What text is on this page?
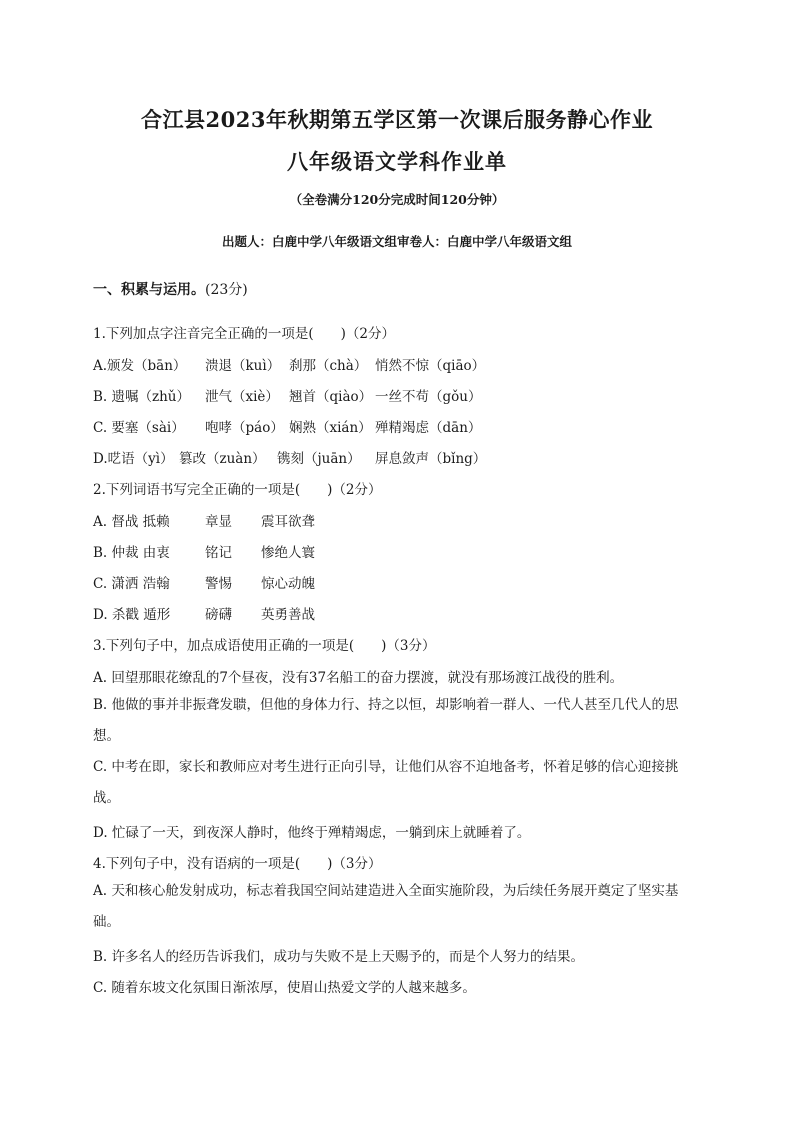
合江县2023年秋期第五学区第一次课后服务静心作业
八年级语文学科作业单
（全卷满分120分完成时间120分钟）
出题人：白鹿中学八年级语文组审卷人：白鹿中学八年级语文组
一、积累与运用。(23分)
1.下列加点字注音完全正确的一项是(　　)（2分）
A.颁发（bān） 溃退（kuì） 刹那（chà） 悄然不惊（qiāo）
B. 遗嘱（zhǔ） 泄气（xiè） 翘首（qiào） 一丝不苟（gǒu）
C. 要塞（sài） 咆哮（páo） 娴熟（xián） 殚精竭虑（dān）
D.呓语（yì） 篡改（zuàn） 镌刻（juān） 屏息敛声（bǐng）
2.下列词语书写完全正确的一项是(　　)（2分）
A. 督战 抵赖	章显 震耳欲聋
B. 仲裁 由衷	铭记 惨绝人寰
C. 潇洒 浩翰	警惕 惊心动魄
D. 杀戳 遁形	磅礴 英勇善战
3.下列句子中，加点成语使用正确的一项是(　　)（3分）
A. 回望那眼花缭乱的7个昼夜，没有37名船工的奋力摆渡，就没有那场渡江战役的胜利。
B. 他做的事并非振聋发聩，但他的身体力行、持之以恒，却影响着一群人、一代人甚至几代人的思想。
C. 中考在即，家长和教师应对考生进行正向引导，让他们从容不迫地备考，怀着足够的信心迎接挑战。
D. 忙碌了一天，到夜深人静时，他终于殚精竭虑，一躺到床上就睡着了。
4.下列句子中，没有语病的一项是(　　)（3分）
A. 天和核心舱发射成功，标志着我国空间站建造进入全面实施阶段，为后续任务展开奠定了坚实基础。
B. 许多名人的经历告诉我们，成功与失败不是上天赐予的，而是个人努力的结果。
C. 随着东坡文化氛围日渐浓厚，使眉山热爱文学的人越来越多。
